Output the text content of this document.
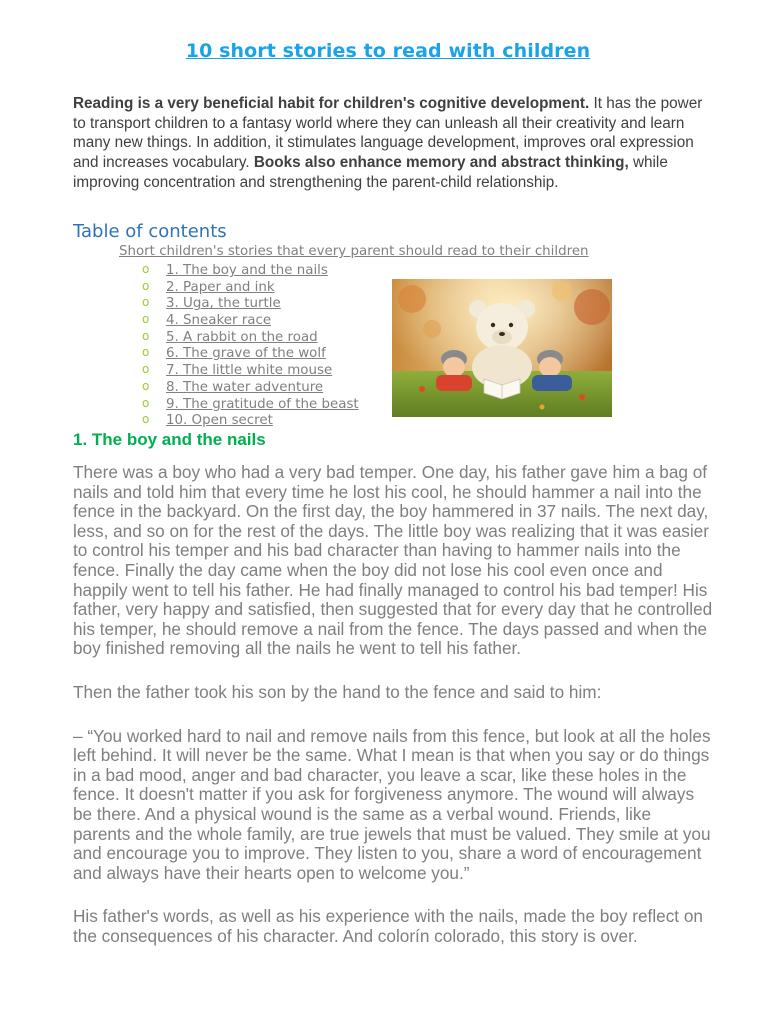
10 short stories to read with children

Reading is a very beneficial habit for children's cognitive development. It has the power to transport children to a fantasy world where they can unleash all their creativity and learn many new things. In addition, it stimulates language development, improves oral expression and increases vocabulary. Books also enhance memory and abstract thinking, while improving concentration and strengthening the parent-child relationship.

Table of contents
Short children's stories that every parent should read to their children
o 1. The boy and the nails
o 2. Paper and ink
o 3. Uga, the turtle
o 4. Sneaker race
o 5. A rabbit on the road
o 6. The grave of the wolf
o 7. The little white mouse
o 8. The water adventure
o 9. The gratitude of the beast
o 10. Open secret
1. The boy and the nails

There was a boy who had a very bad temper. One day, his father gave him a bag of nails and told him that every time he lost his cool, he should hammer a nail into the fence in the backyard. On the first day, the boy hammered in 37 nails. The next day, less, and so on for the rest of the days. The little boy was realizing that it was easier to control his temper and his bad character than having to hammer nails into the fence. Finally the day came when the boy did not lose his cool even once and happily went to tell his father. He had finally managed to control his bad temper! His father, very happy and satisfied, then suggested that for every day that he controlled his temper, he should remove a nail from the fence. The days passed and when the boy finished removing all the nails he went to tell his father.

Then the father took his son by the hand to the fence and said to him:

– “You worked hard to nail and remove nails from this fence, but look at all the holes left behind. It will never be the same. What I mean is that when you say or do things in a bad mood, anger and bad character, you leave a scar, like these holes in the fence. It doesn't matter if you ask for forgiveness anymore. The wound will always be there. And a physical wound is the same as a verbal wound. Friends, like parents and the whole family, are true jewels that must be valued. They smile at you and encourage you to improve. They listen to you, share a word of encouragement and always have their hearts open to welcome you.”

His father's words, as well as his experience with the nails, made the boy reflect on the consequences of his character. And colorín colorado, this story is over.
